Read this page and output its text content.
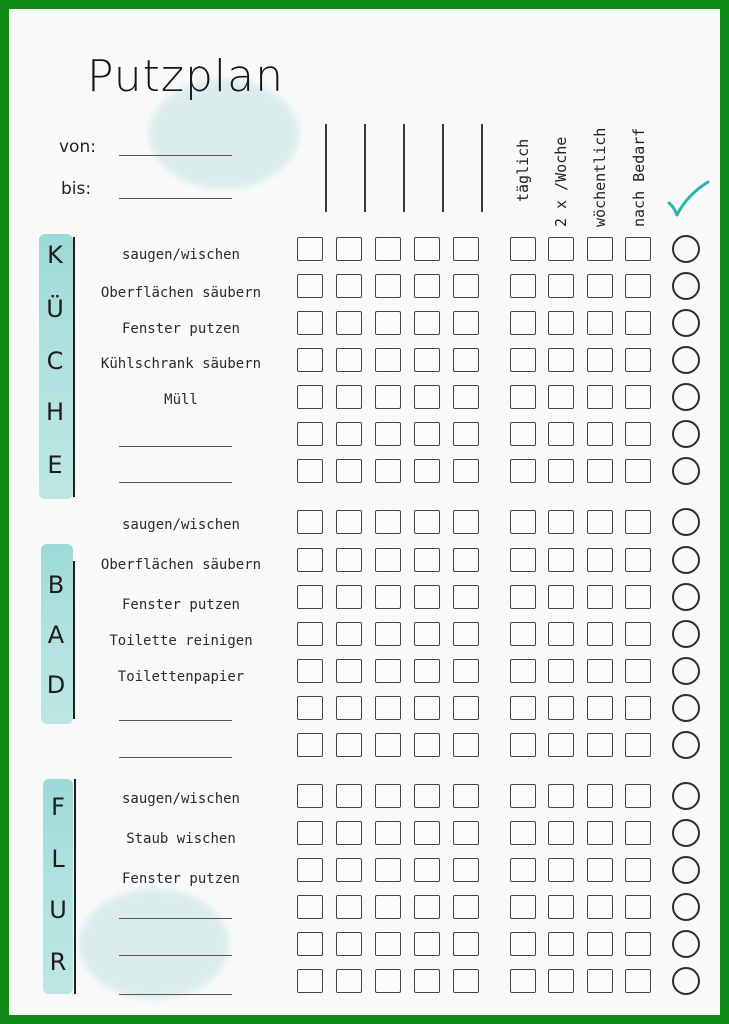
Putzplan
von:
bis:	täglich 2 x /Woche wöchentlich nach Bedarf
K
Ü
C
H
E
saugen/wischen
Oberflächen säubern
Fenster putzen
Kühlschrank säubern
Müll
B
A
D
saugen/wischen
Oberflächen säubern
Fenster putzen
Toilette reinigen
Toilettenpapier
F
L
U
R
saugen/wischen
Staub wischen
Fenster putzen
